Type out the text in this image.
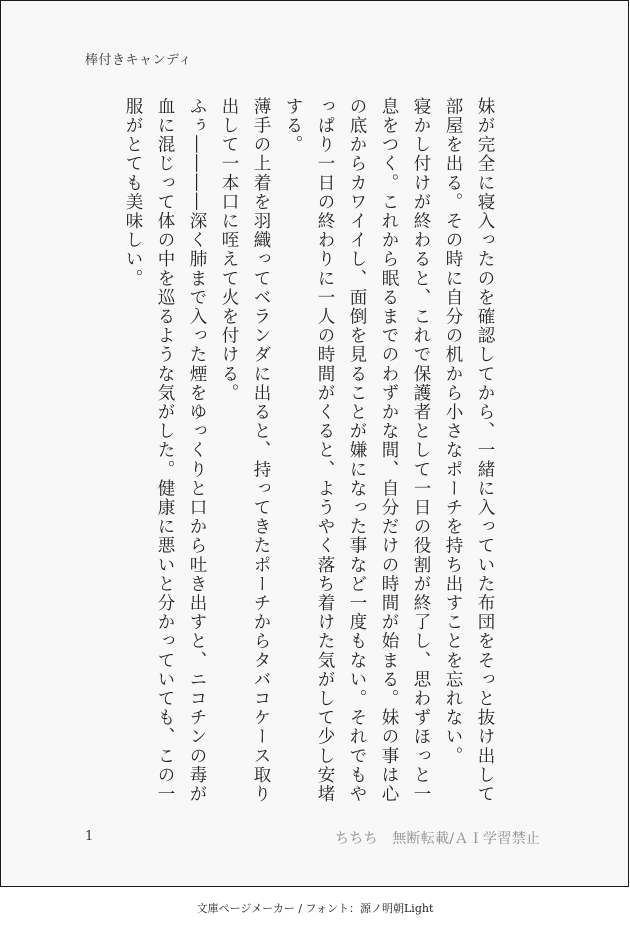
棒付きキャンディ

妹が完全に寝入ったのを確認してから、一緒に入っていた布団をそっと抜け出して部屋を出る。その時に自分の机から小さなポーチを持ち出すことを忘れない。

寝かし付けが終わると、これで保護者として一日の役割が終了し、思わずほっと一息をつく。これから眠るまでのわずかな間、自分だけの時間が始まる。妹の事は心の底からカワイイし、面倒を見ることが嫌になった事など一度もない。それでもやっぱり一日の終わりに一人の時間がくると、ようやく落ち着けた気がして少し安堵する。

薄手の上着を羽織ってベランダに出ると、持ってきたポーチからタバコケース取り出して一本口に咥えて火を付ける。

ふぅ――――深く肺まで入った煙をゆっくりと口から吐き出すと、ニコチンの毒が血に混じって体の中を巡るような気がした。健康に悪いと分かっていても、この一服がとても美味しい。

1	ちちち　無断転載/ＡＩ学習禁止
文庫ページメーカー / フォント：源ノ明朝Light
